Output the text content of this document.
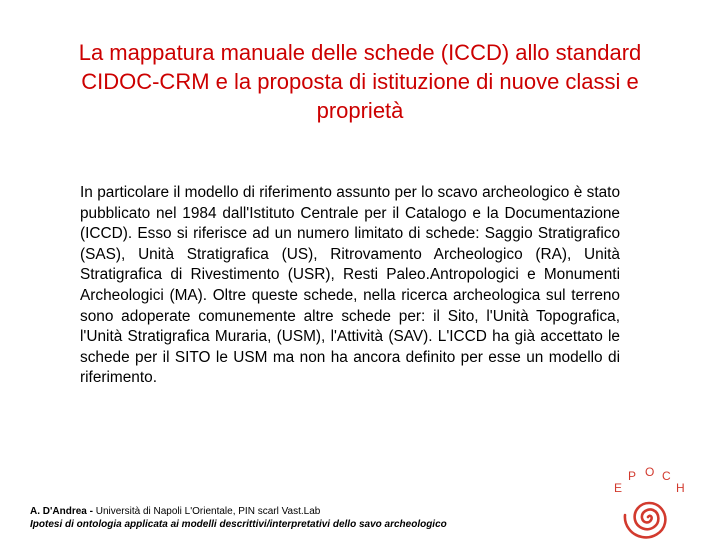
La mappatura manuale delle schede (ICCD) allo standard CIDOC-CRM e la proposta di istituzione di nuove classi e proprietà
In particolare il modello di riferimento assunto per lo scavo archeologico è stato pubblicato nel 1984 dall'Istituto Centrale per il Catalogo e la Documentazione (ICCD). Esso si riferisce ad un numero limitato di schede: Saggio Stratigrafico (SAS), Unità Stratigrafica (US), Ritrovamento Archeologico (RA), Unità Stratigrafica di Rivestimento (USR), Resti Paleo.Antropologici e Monumenti Archeologici (MA). Oltre queste schede, nella ricerca archeologica sul terreno sono adoperate comunemente altre schede per: il Sito, l'Unità Topografica, l'Unità Stratigrafica Muraria, (USM), l'Attività (SAV). L'ICCD ha già accettato le schede per il SITO le USM ma non ha ancora definito per esse un modello di riferimento.
A. D'Andrea - Università di Napoli L'Orientale, PIN scarl Vast.Lab
Ipotesi di ontologia applicata ai modelli descrittivi/interpretativi dello savo archeologico
E
P O C
H
